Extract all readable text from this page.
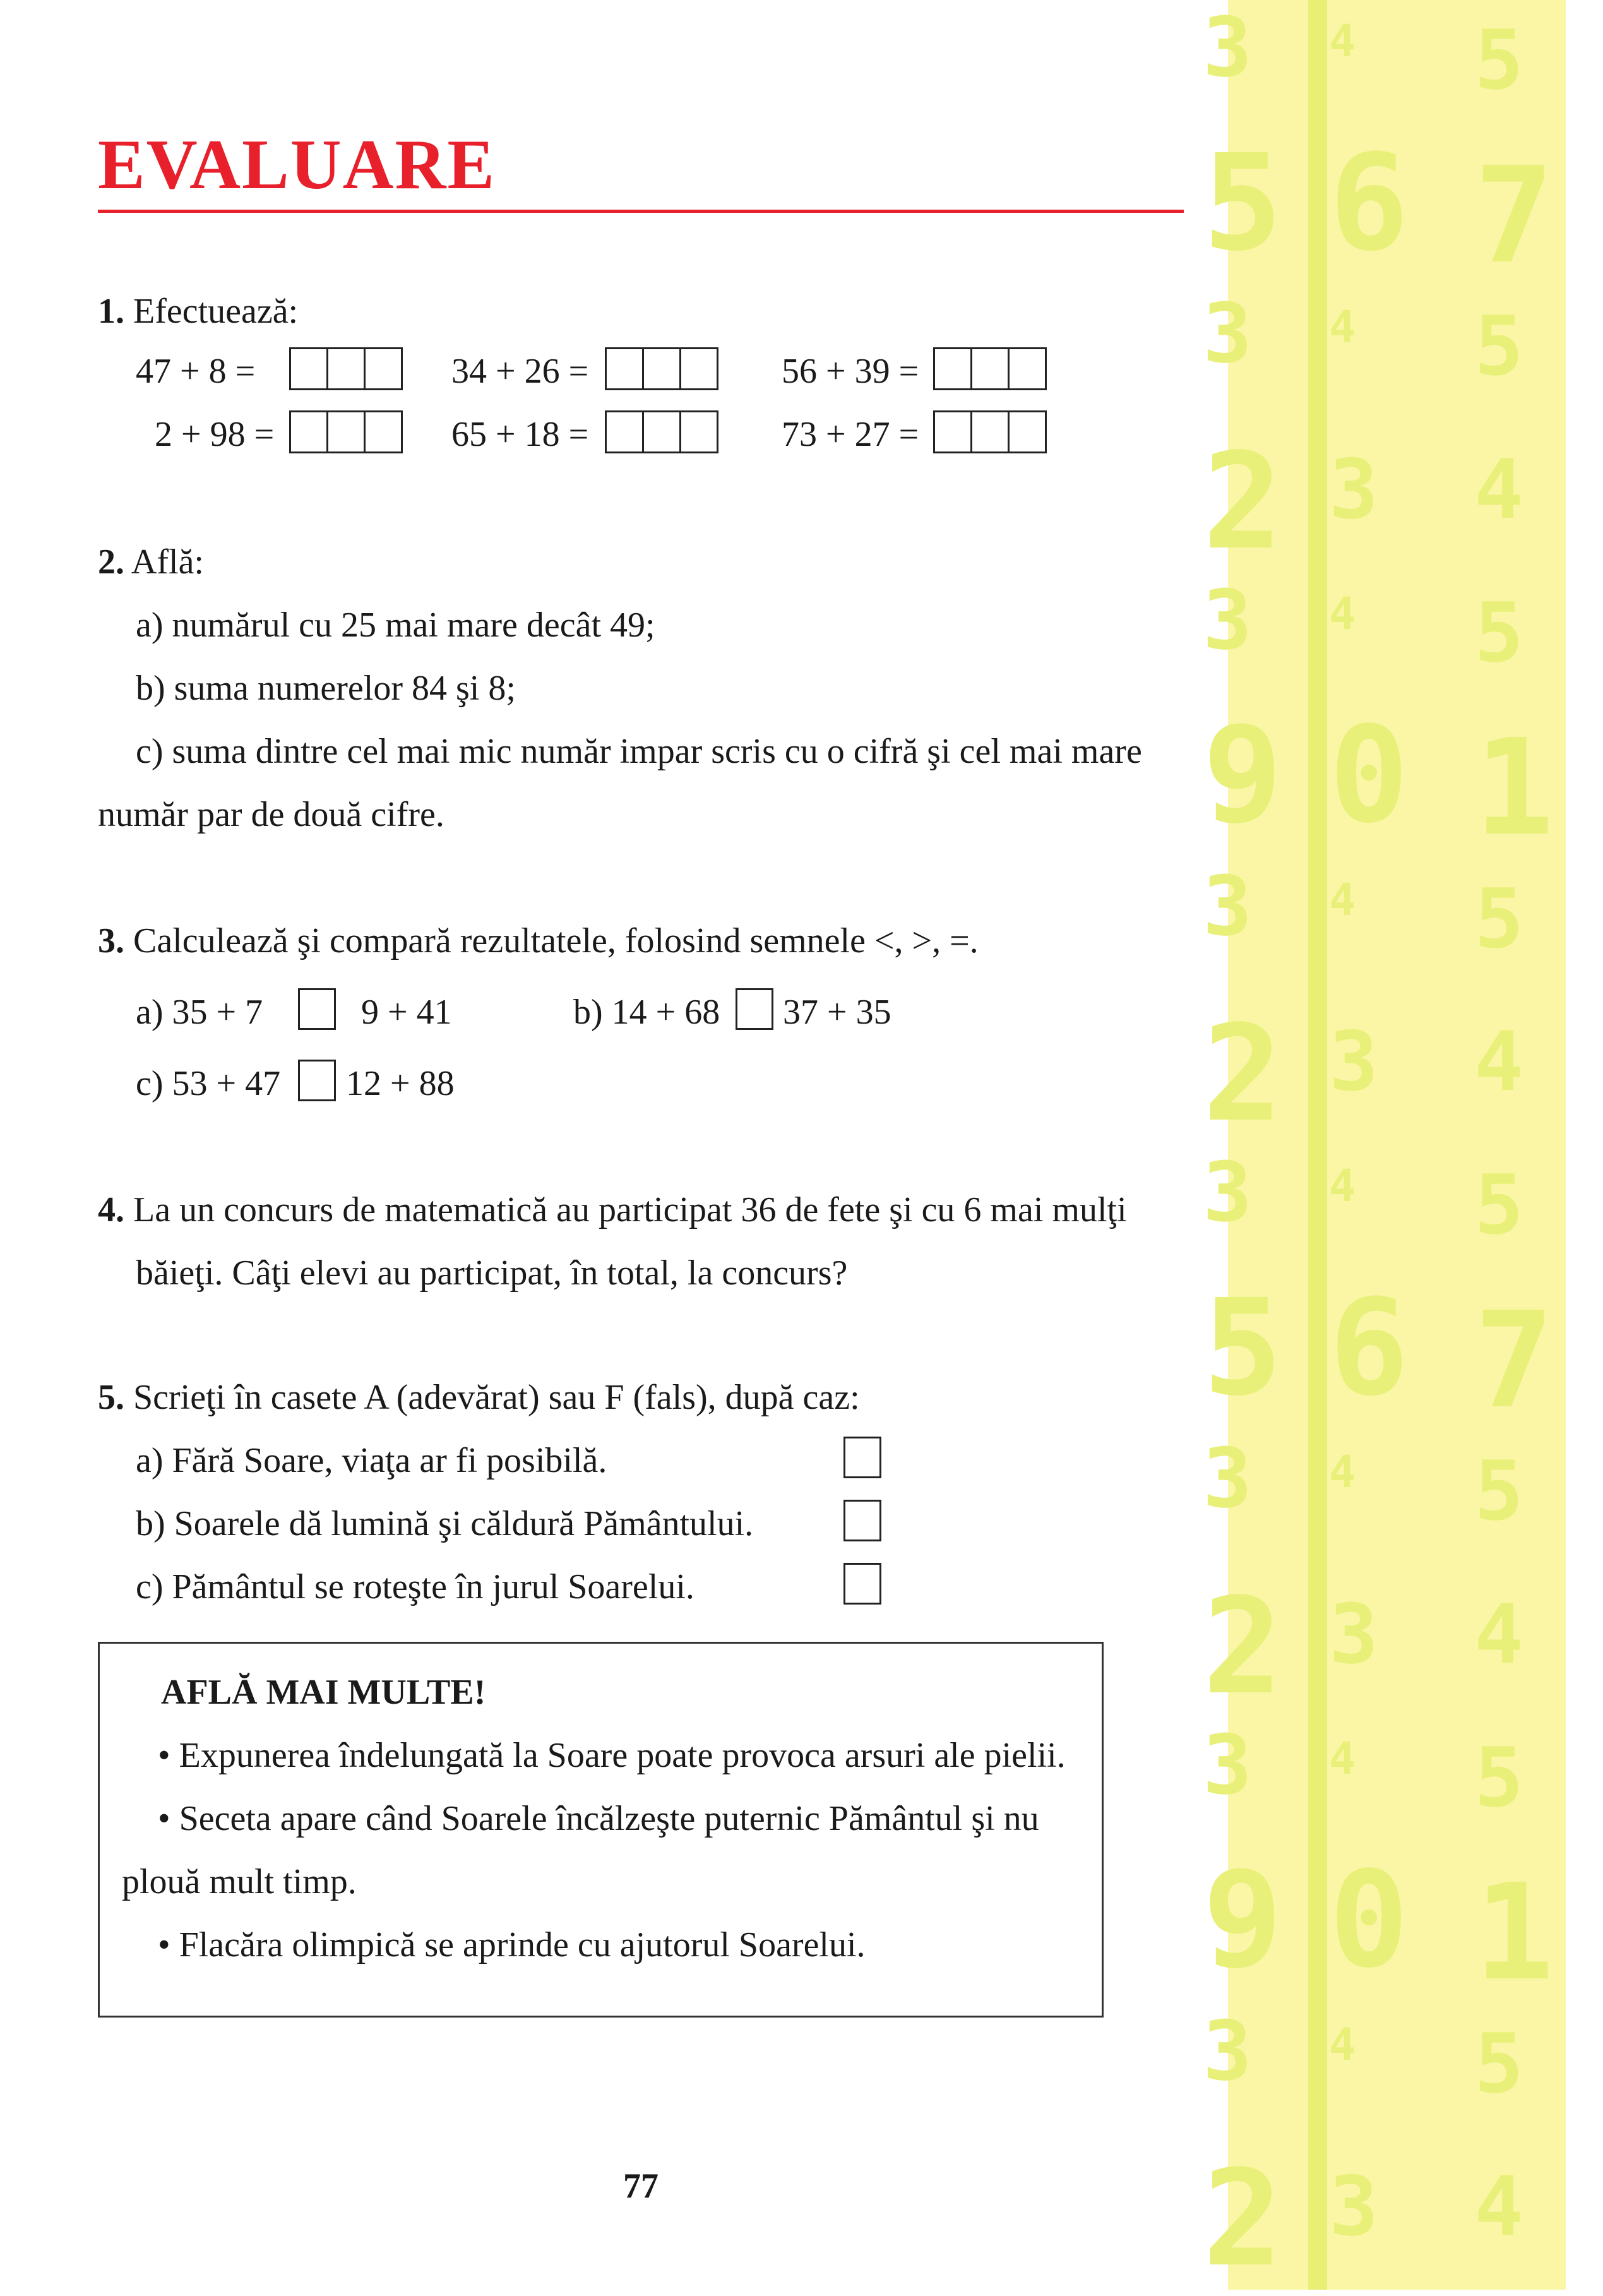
3 4 5
5 6 7
3 4 5
2 3 4
3 4 5
9 0 1
3 4 5
2 3 4
3 4 5
5 6 7
3 4 5
2 3 4
3 4 5
9 0 1
3 4 5
2 3 4
EVALUARE
1. Efectuează:
47 + 8 =	34 + 26 =	56 + 39 =
2 + 98 =	65 + 18 =	73 + 27 =
2. Află:
a) numărul cu 25 mai mare decât 49;
b) suma numerelor 84 şi 8;
c) suma dintre cel mai mic număr impar scris cu o cifră şi cel mai mare
număr par de două cifre.
3. Calculează şi compară rezultatele, folosind semnele <, >, =.
a) 35 + 7	9 + 41	b) 14 + 68 37 + 35
c) 53 + 47 12 + 88
4. La un concurs de matematică au participat 36 de fete şi cu 6 mai mulţi
băieţi. Câţi elevi au participat, în total, la concurs?
5. Scrieţi în casete A (adevărat) sau F (fals), după caz:
a) Fără Soare, viaţa ar fi posibilă.
b) Soarele dă lumină şi căldură Pământului.
c) Pământul se roteşte în jurul Soarelui.
AFLĂ MAI MULTE!
• Expunerea îndelungată la Soare poate provoca arsuri ale pielii.
• Seceta apare când Soarele încălzeşte puternic Pământul şi nu
plouă mult timp.
• Flacăra olimpică se aprinde cu ajutorul Soarelui.
77
